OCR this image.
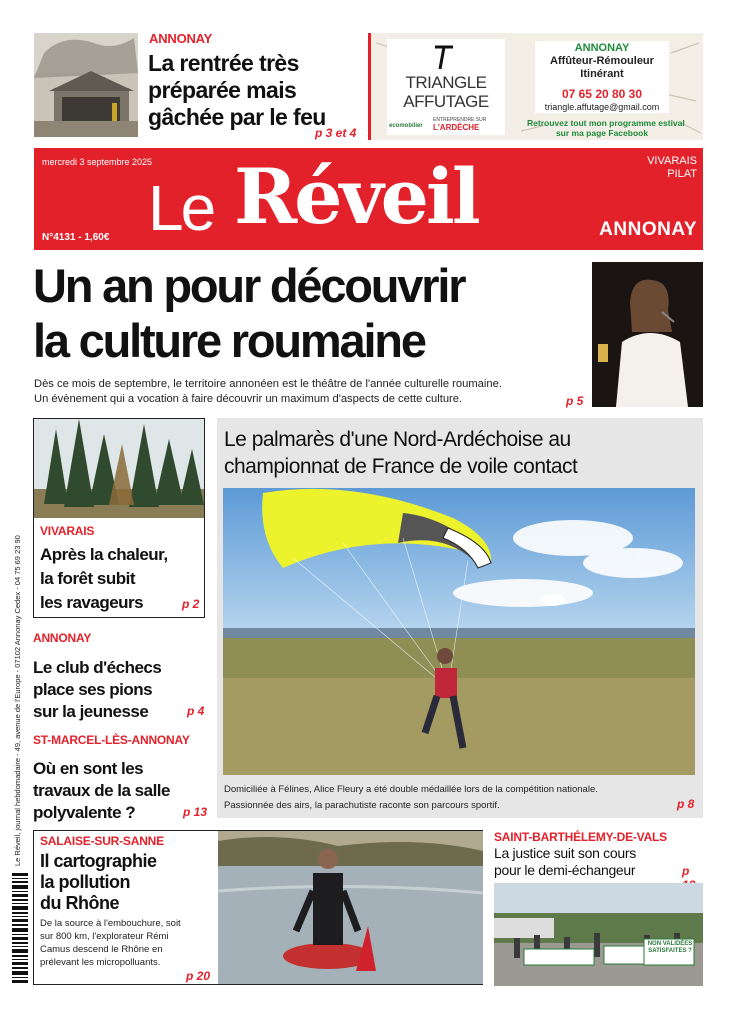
ANNONAY
La rentrée très
préparée mais
gâchée par le feu
p 3 et 4
TRIANGLE
AFFUTAGE
ecomobilier
ENTREPRENDRE SUR
L'ARDÈCHE
ANNONAY
Affûteur-Rémouleur
Itinérant
07 65 20 80 30
triangle.affutage@gmail.com
Retrouvez tout mon programme estival
sur ma page Facebook
mercredi 3 septembre 2025
N°4131 - 1,60€ Le Réveil	VIVARAIS
PILAT
ANNONAY
Un an pour découvrir
la culture roumaine
Dès ce mois de septembre, le territoire annonéen est le théâtre de l'année culturelle roumaine.
Un évènement qui a vocation à faire découvrir un maximum d'aspects de cette culture.	p 5
VIVARAIS
Après la chaleur,
la forêt subit
les ravageurs	p 2
ANNONAY
Le club d'échecs
place ses pions
sur la jeunesse	p 4
ST-MARCEL-LÈS-ANNONAY
Où en sont les
travaux de la salle
polyvalente ?	p 13
Le palmarès d'une Nord-Ardéchoise au
championnat de France de voile contact
Domiciliée à Félines, Alice Fleury a été double médaillée lors de la compétition nationale.
Passionnée des airs, la parachutiste raconte son parcours sportif.	p 8
SALAISE-SUR-SANNE
Il cartographie
la pollution
du Rhône
De la source à l'embouchure, soit
sur 800 km, l'explorateur Rémi
Camus descend le Rhône en
prélevant les micropolluants.
p 20
SAINT-BARTHÉLEMY-DE-VALS
La justice suit son cours
pour le demi-échangeur	p
NON VALIDÉES SATISFAITES ?
Le Réveil, journal hebdomadaire - 49, avenue de l'Europe - 07102 Annonay Cedex - 04 75 69 23 90
